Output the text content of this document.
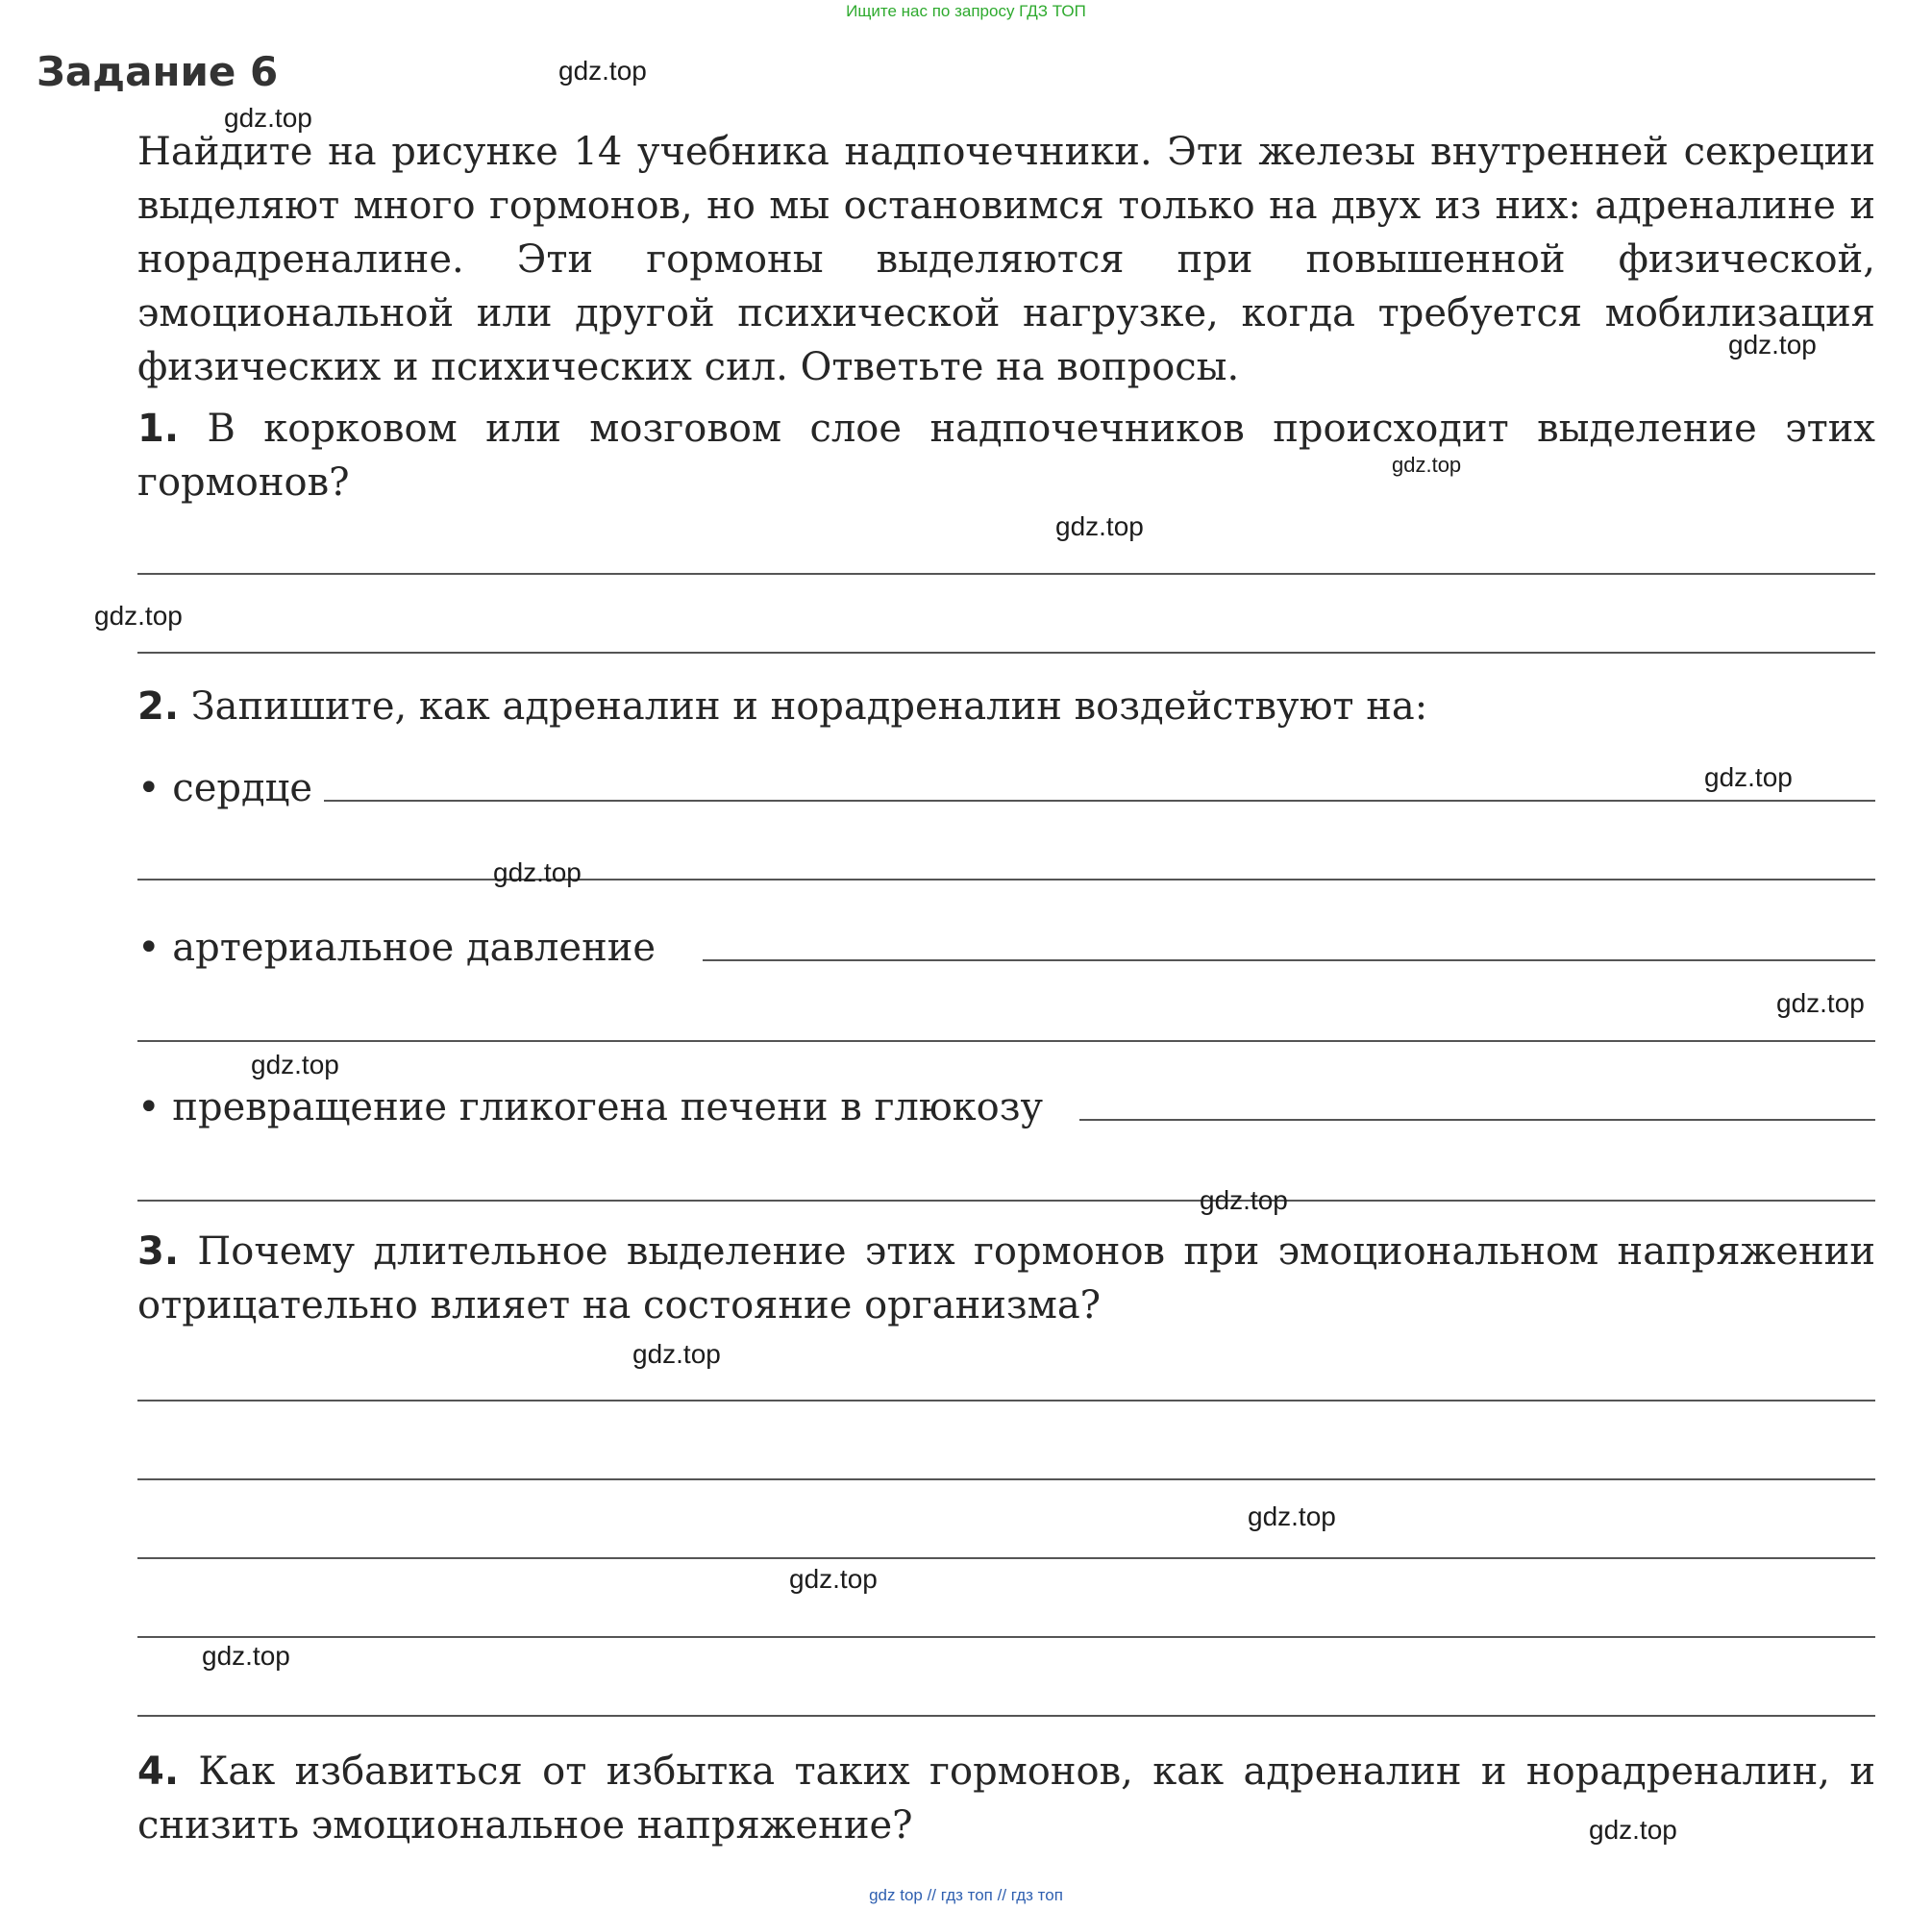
Ищите нас по запросу ГДЗ ТОП

Задание 6
Найдите на рисунке 14 учебника надпочечники. Эти железы внутренней секреции выделяют много гормонов, но мы остановимся только на двух из них: адреналине и норадреналине. Эти гормоны выделяются при повышенной физической, эмоциональной или другой психической нагрузке, когда требуется мобилизация физических и психических сил. Ответьте на вопросы.
1. В корковом или мозговом слое надпочечников происходит выделение этих гормонов?
2. Запишите, как адреналин и норадреналин воздействуют на:
• сердце
• артериальное давление
• превращение гликогена печени в глюкозу
3. Почему длительное выделение этих гормонов при эмоциональном напряжении отрицательно влияет на состояние организма?
4. Как избавиться от избытка таких гормонов, как адреналин и норадреналин, и снизить эмоциональное напряжение?
gdz.top
gdz.top
gdz.top
gdz.top
gdz.top
gdz.top
gdz.top
gdz.top
gdz.top
gdz.top
gdz.top
gdz.top
gdz.top
gdz.top
gdz.top
gdz.top
gdz top // гдз топ // гдз топ
